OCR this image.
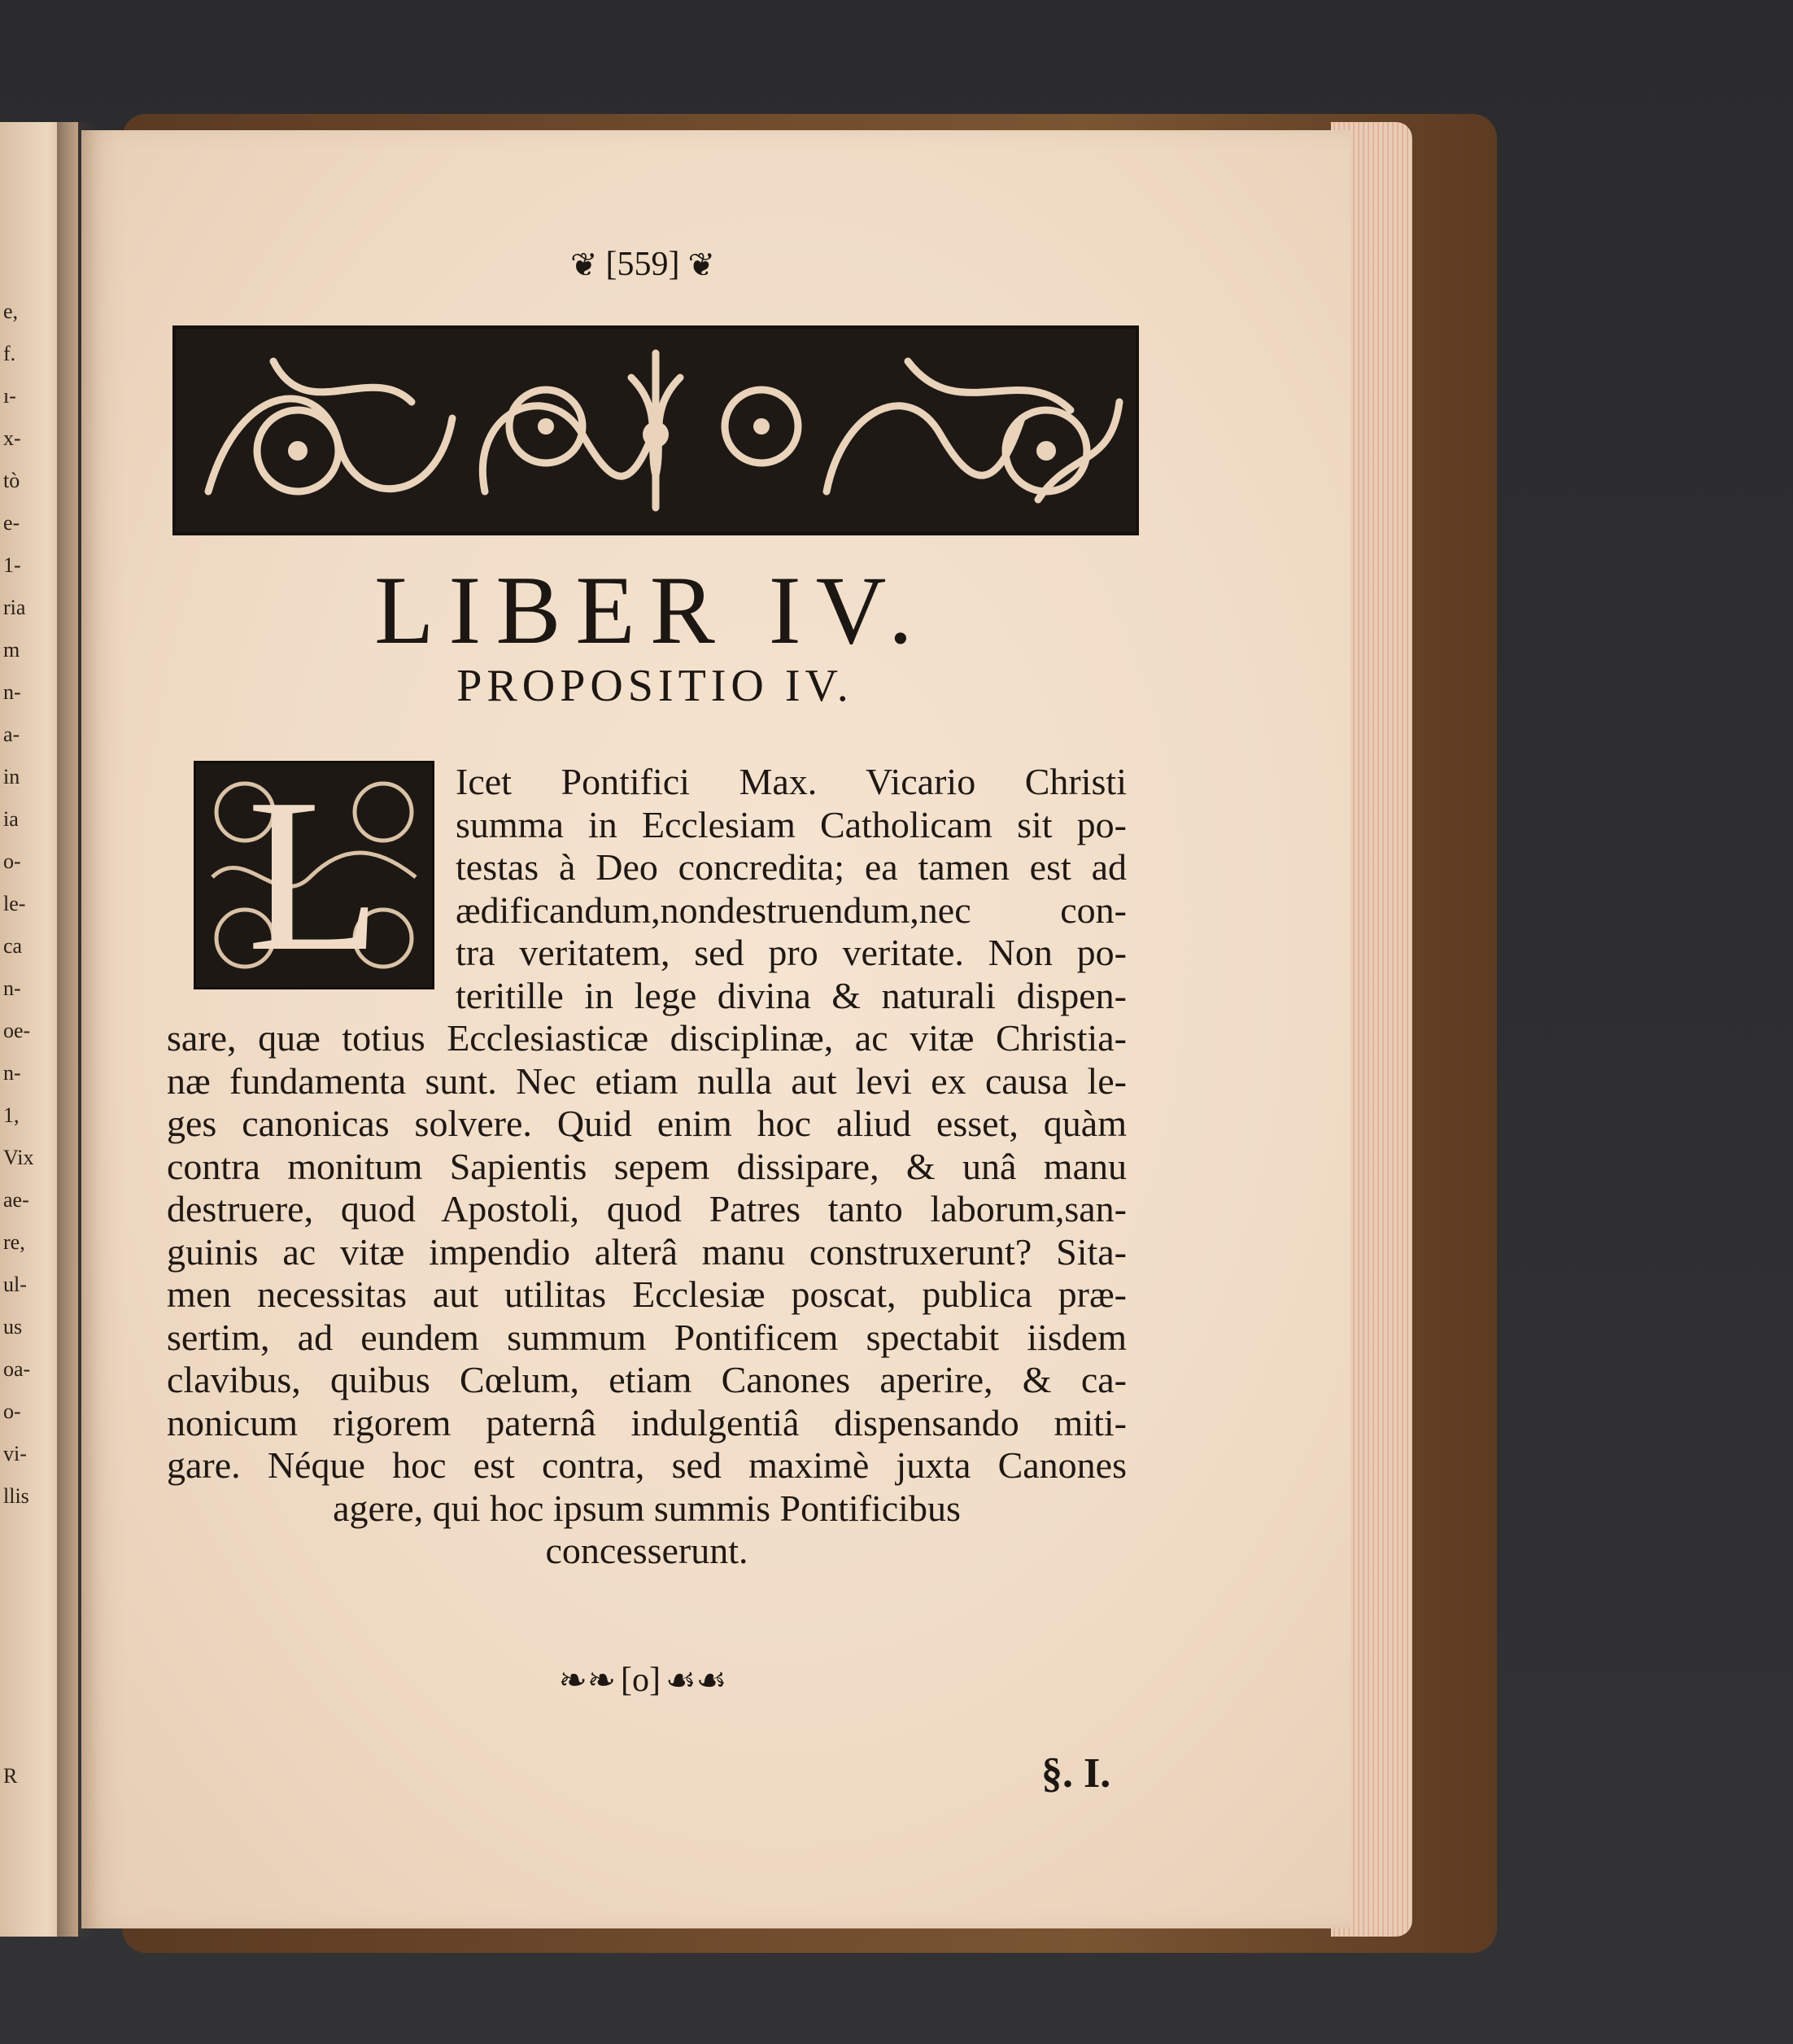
e,
f.
ı-
x-
tò
e-
1-
ria
m
n-
a-
in
ia
o-
le-
ca
n-
oe-
n-
1,
Vix
ae-
re,
ul-
us
oa-
o-
vi-
llis
R
❦ [559] ❦
LIBER IV.
PROPOSITIO IV.
L	Icet Pontifici Max. Vicario Christi
summa in Ecclesiam Catholicam sit po-
testas à Deo concredita; ea tamen est ad
ædificandum,nondestruendum,nec con-
tra veritatem, sed pro veritate. Non po-
teritille in lege divina & naturali dispen-
sare, quæ totius Ecclesiasticæ disciplinæ, ac vitæ Christia-
næ fundamenta sunt. Nec etiam nulla aut levi ex causa le-
ges canonicas solvere. Quid enim hoc aliud esset, quàm
contra monitum Sapientis sepem dissipare, & unâ manu
destruere, quod Apostoli, quod Patres tanto laborum,san-
guinis ac vitæ impendio alterâ manu construxerunt? Sita-
men necessitas aut utilitas Ecclesiæ poscat, publica præ-
sertim, ad eundem summum Pontificem spectabit iisdem
clavibus, quibus Cœlum, etiam Canones aperire, & ca-
nonicum rigorem paternâ indulgentiâ dispensando miti-
gare. Néque hoc est contra, sed maximè juxta Canones
agere, qui hoc ipsum summis Pontificibus
concesserunt.
❧❧ [o] ☙☙
§. I.
